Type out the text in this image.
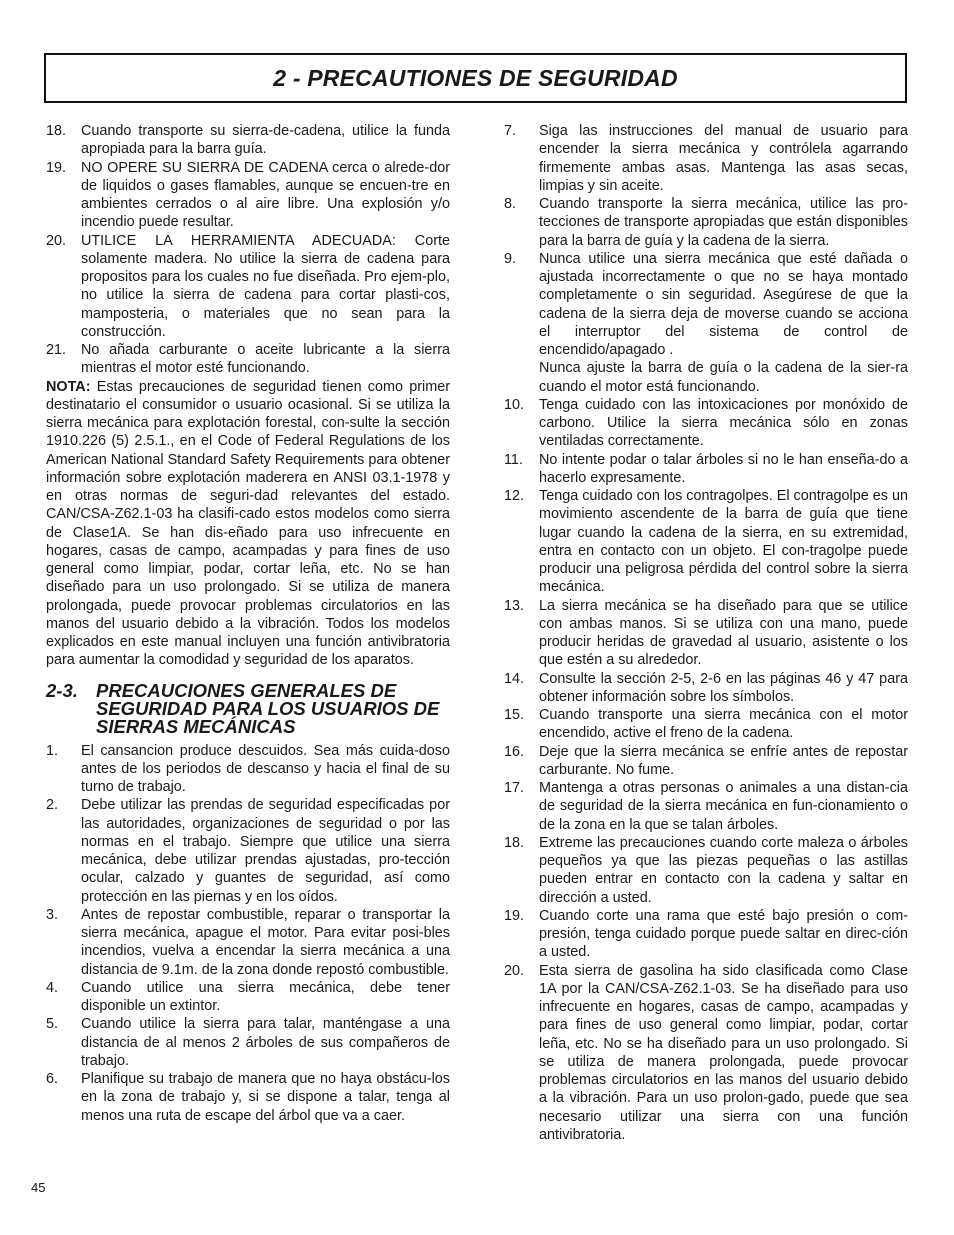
2 - PRECAUTIONES DE SEGURIDAD
18. Cuando transporte su sierra-de-cadena, utilice la funda apropiada para la barra guía.
19. NO OPERE SU SIERRA DE CADENA cerca o alrede-dor de liquidos o gases flamables, aunque se encuen-tre en ambientes cerrados o al aire libre. Una explosión y/o incendio puede resultar.
20. UTILICE LA HERRAMIENTA ADECUADA: Corte solamente madera. No utilice la sierra de cadena para propositos para los cuales no fue diseñada. Pro ejem-plo, no utilice la sierra de cadena para cortar plasti-cos, mamposteria, o materiales que no sean para la construcción.
21. No añada carburante o aceite lubricante a la sierra mientras el motor esté funcionando.

NOTA: Estas precauciones de seguridad tienen como primer destinatario el consumidor o usuario ocasional. Si se utiliza la sierra mecánica para explotación forestal, con-sulte la sección 1910.226 (5) 2.5.1., en el Code of Federal Regulations de los American National Standard Safety Requirements para obtener información sobre explotación maderera en ANSI 03.1-1978 y en otras normas de seguri-dad relevantes del estado. CAN/CSA-Z62.1-03 ha clasifi-cado estos modelos como sierra de Clase1A. Se han dis-eñado para uso infrecuente en hogares, casas de campo, acampadas y para fines de uso general como limpiar, podar, cortar leña, etc. No se han diseñado para un uso prolongado. Si se utiliza de manera prolongada, puede provocar problemas circulatorios en las manos del usuario debido a la vibración. Todos los modelos explicados en este manual incluyen una función antivibratoria para aumentar la comodidad y seguridad de los aparatos.

2-3. PRECAUCIONES GENERALES DE SEGURIDAD PARA LOS USUARIOS DE SIERRAS MECÁNICAS
1. El cansancion produce descuidos. Sea más cuida-doso antes de los periodos de descanso y hacia el final de su turno de trabajo.
2. Debe utilizar las prendas de seguridad especificadas por las autoridades, organizaciones de seguridad o por las normas en el trabajo. Siempre que utilice una sierra mecánica, debe utilizar prendas ajustadas, pro-tección ocular, calzado y guantes de seguridad, así como protección en las piernas y en los oídos.
3. Antes de repostar combustible, reparar o transportar la sierra mecánica, apague el motor. Para evitar posi-bles incendios, vuelva a encendar la sierra mecánica a una distancia de 9.1m. de la zona donde repostó combustible.
4. Cuando utilice una sierra mecánica, debe tener disponible un extintor.
5. Cuando utilice la sierra para talar, manténgase a una distancia de al menos 2 árboles de sus compañeros de trabajo.
6. Planifique su trabajo de manera que no haya obstácu-los en la zona de trabajo y, si se dispone a talar, tenga al menos una ruta de escape del árbol que va a caer.
7. Siga las instrucciones del manual de usuario para encender la sierra mecánica y contrólela agarrando firmemente ambas asas. Mantenga las asas secas, limpias y sin aceite.
8. Cuando transporte la sierra mecánica, utilice las pro-tecciones de transporte apropiadas que están disponibles para la barra de guía y la cadena de la sierra.
9. Nunca utilice una sierra mecánica que esté dañada o ajustada incorrectamente o que no se haya montado completamente o sin seguridad. Asegúrese de que la cadena de la sierra deja de moverse cuando se acciona el interruptor del sistema de control de encendido/apagado .
Nunca ajuste la barra de guía o la cadena de la sier-ra cuando el motor está funcionando.
10. Tenga cuidado con las intoxicaciones por monóxido de carbono. Utilice la sierra mecánica sólo en zonas ventiladas correctamente.
11. No intente podar o talar árboles si no le han enseña-do a hacerlo expresamente.
12. Tenga cuidado con los contragolpes. El contragolpe es un movimiento ascendente de la barra de guía que tiene lugar cuando la cadena de la sierra, en su extremidad, entra en contacto con un objeto. El con-tragolpe puede producir una peligrosa pérdida del control sobre la sierra mecánica.
13. La sierra mecánica se ha diseñado para que se utilice con ambas manos. Si se utiliza con una mano, puede producir heridas de gravedad al usuario, asistente o los que estén a su alrededor.
14. Consulte la sección 2-5, 2-6 en las páginas 46 y 47 para obtener información sobre los símbolos.
15. Cuando transporte una sierra mecánica con el motor encendido, active el freno de la cadena.
16. Deje que la sierra mecánica se enfríe antes de repostar carburante. No fume.
17. Mantenga a otras personas o animales a una distan-cia de seguridad de la sierra mecánica en fun-cionamiento o de la zona en la que se talan árboles.
18. Extreme las precauciones cuando corte maleza o árboles pequeños ya que las piezas pequeñas o las astillas pueden entrar en contacto con la cadena y saltar en dirección a usted.
19. Cuando corte una rama que esté bajo presión o com-presión, tenga cuidado porque puede saltar en direc-ción a usted.
20. Esta sierra de gasolina ha sido clasificada como Clase 1A por la CAN/CSA-Z62.1-03. Se ha diseñado para uso infrecuente en hogares, casas de campo, acampadas y para fines de uso general como limpiar, podar, cortar leña, etc. No se ha diseñado para un uso prolongado. Si se utiliza de manera prolongada, puede provocar problemas circulatorios en las manos del usuario debido a la vibración. Para un uso prolon-gado, puede que sea necesario utilizar una sierra con una función antivibratoria.
45
